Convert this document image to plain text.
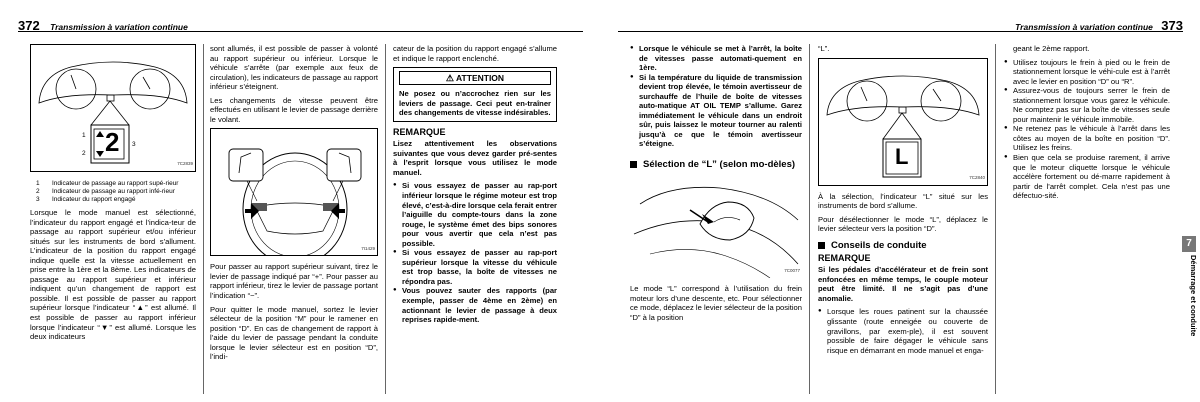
372 Transmission à variation continue
2
1
2
3
7C2839
1	Indicateur de passage au rapport supé-rieur
2	Indicateur de passage au rapport infé-rieur
3	Indicateur du rapport engagé

Lorsque le mode manuel est sélectionné, l’indicateur du rapport engagé et l’indica-teur de passage au rapport supérieur et/ou inférieur situés sur les instruments de bord s’allument. L’indicateur de la position du rapport engagé indique quelle est la vitesse actuellement en prise entre la 1ère et la 8ème. Les indicateurs de passage au rapport supérieur et inférieur indiquent qu’un changement de rapport est possible. Il est possible de passer au rapport supérieur lorsque l’indicateur “▲” est allumé. Il est possible de passer au rapport inférieur lorsque l’indicateur “▼” est allumé. Lorsque les deux indicateurs

sont allumés, il est possible de passer à volonté au rapport supérieur ou inférieur. Lorsque le véhicule s’arrête (par exemple aux feux de circulation), les indicateurs de passage au rapport inférieur s’éteignent.

Les changements de vitesse peuvent être effectués en utilisant le levier de passage derrière le volant.

7I1429

Pour passer au rapport supérieur suivant, tirez le levier de passage indiqué par “+”. Pour passer au rapport inférieur, tirez le levier de passage portant l’indication “−”.

Pour quitter le mode manuel, sortez le levier sélecteur de la position “M” pour le ramener en position “D”. En cas de changement de rapport à l’aide du levier de passage pendant la conduite lorsque le levier sélecteur est en position “D”, l’indi-

cateur de la position du rapport engagé s’allume et indique le rapport enclenché.

⚠ ATTENTION

Ne posez ou n’accrochez rien sur les leviers de passage. Ceci peut en-traîner des changements de vitesse indésirables.

REMARQUE

Lisez attentivement les observations suivantes que vous devez garder pré-sentes à l’esprit lorsque vous utilisez le mode manuel.

● Si vous essayez de passer au rap-port inférieur lorsque le régime moteur est trop élevé, c’est-à-dire lorsque cela ferait entrer l’aiguille du compte-tours dans la zone rouge, le système émet des bips sonores pour vous avertir que cela n’est pas possible.
● Si vous essayez de passer au rap-port supérieur lorsque la vitesse du véhicule est trop basse, la boîte de vitesses ne répondra pas.
● Vous pouvez sauter des rapports (par exemple, passer de 4ème en 2ème) en actionnant le levier de passage à deux reprises rapide-ment.
Transmission à variation continue 373
● Lorsque le véhicule se met à l’arrêt, la boîte de vitesses passe automati-quement en 1ère.
● Si la température du liquide de transmission devient trop élevée, le témoin avertisseur de surchauffe de l’huile de boîte de vitesses auto-matique AT OIL TEMP s’allume. Garez immédiatement le véhicule dans un endroit sûr, puis laissez le moteur tourner au ralenti jusqu’à ce que le témoin avertisseur s’éteigne.
Sélection de “L” (selon mo-dèles)
7C0077

Le mode “L” correspond à l’utilisation du frein moteur lors d’une descente, etc. Pour sélectionner ce mode, déplacez le levier sélecteur de la position “D” à la position

“L”.

L
7C2840

À la sélection, l’indicateur “L” situé sur les instruments de bord s’allume.

Pour désélectionner le mode “L”, déplacez le levier sélecteur vers la position “D”.

Conseils de conduite
REMARQUE

Si les pédales d’accélérateur et de frein sont enfoncées en même temps, le couple moteur peut être limité. Il ne s’agit pas d’une anomalie.

● Lorsque les roues patinent sur la chaussée glissante (route enneigée ou couverte de gravillons, par exem-ple), il est souvent possible de faire dégager le véhicule sans risque en démarrant en mode manuel et enga-

geant le 2ème rapport.

● Utilisez toujours le frein à pied ou le frein de stationnement lorsque le véhi-cule est à l’arrêt avec le levier en position “D” ou “R”.
● Assurez-vous de toujours serrer le frein de stationnement lorsque vous garez le véhicule. Ne comptez pas sur la boîte de vitesses seule pour maintenir le véhicule immobile.
● Ne retenez pas le véhicule à l’arrêt dans les côtes au moyen de la boîte en position “D”. Utilisez les freins.
● Bien que cela se produise rarement, il arrive que le moteur cliquette lorsque le véhicule accélère fortement ou dé-marre rapidement à partir de l’arrêt complet. Cela n’est pas une défectuo-sité.
7
Démarrage et conduite
